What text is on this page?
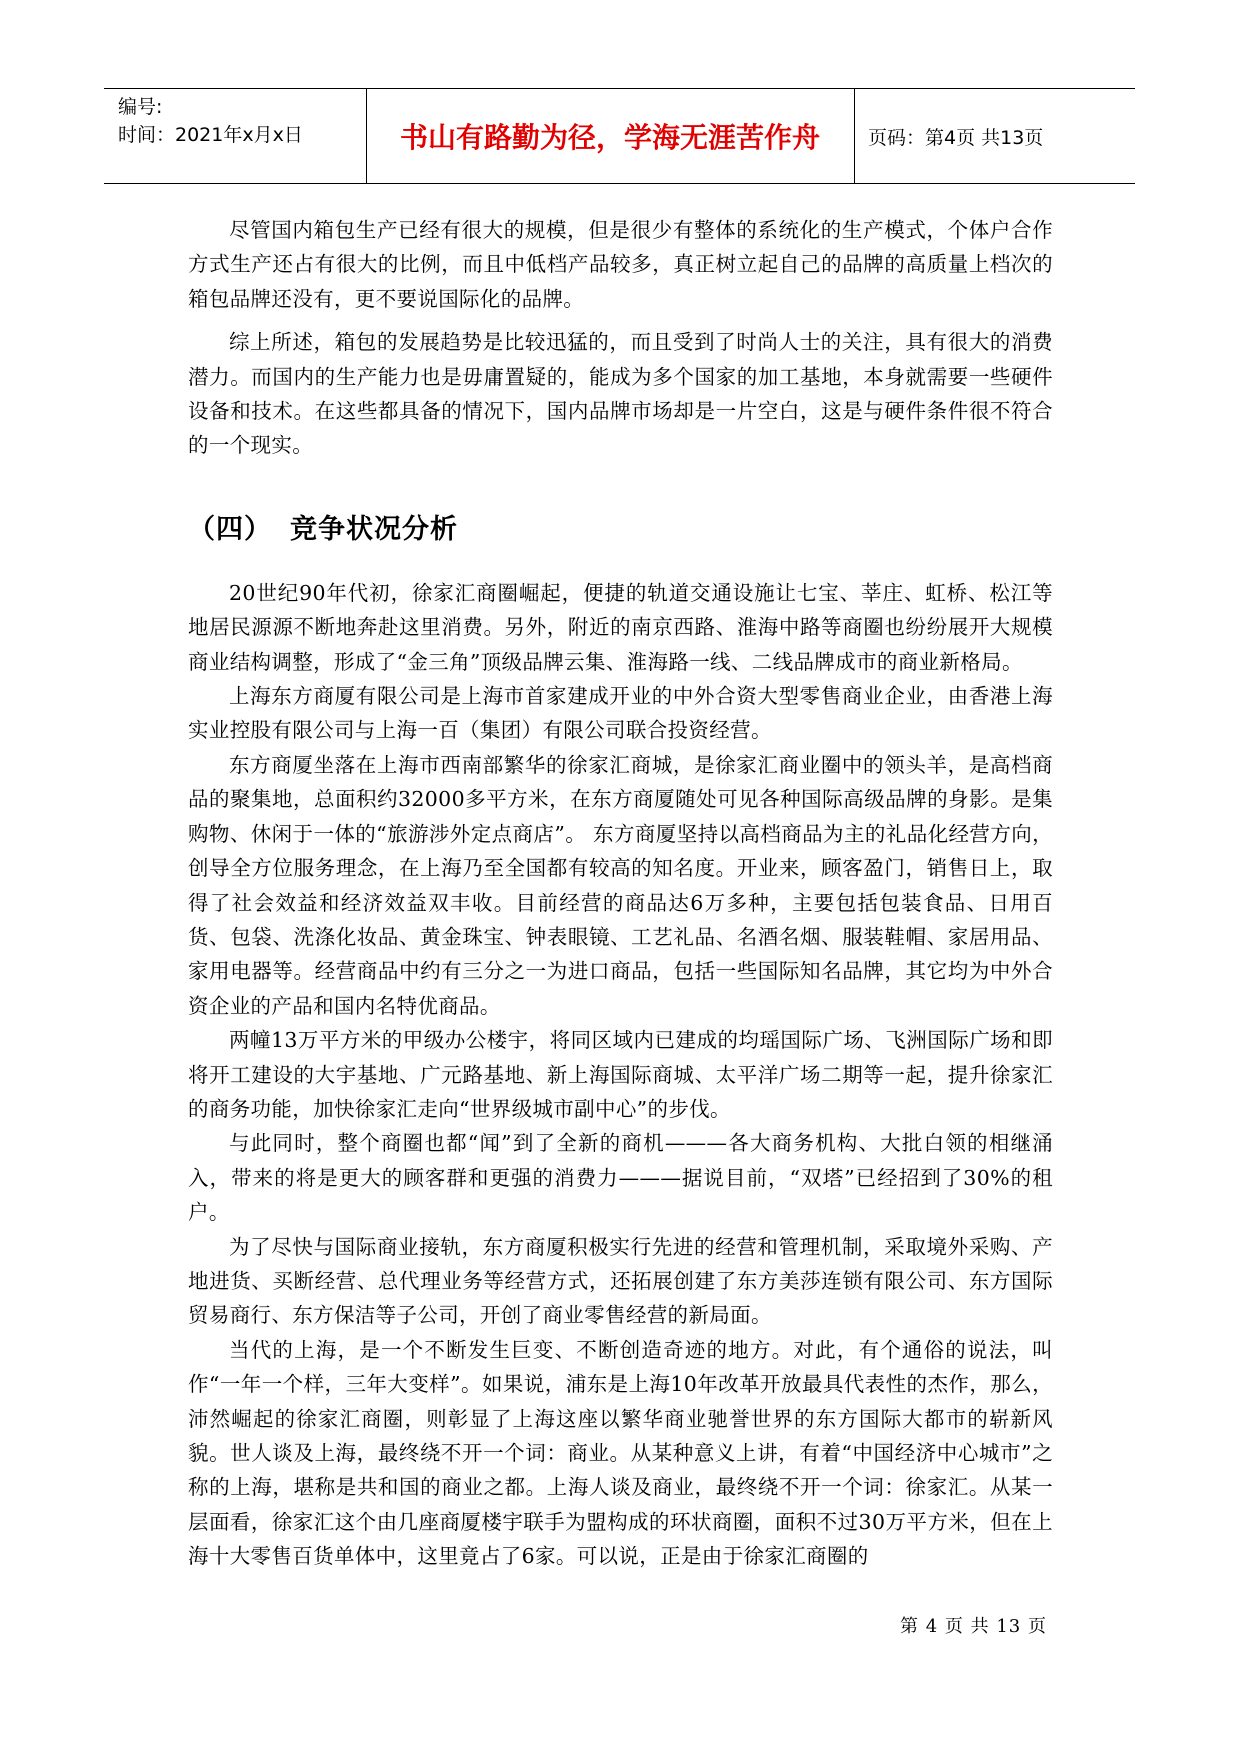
编号:
时间：2021年x月x日	书山有路勤为径，学海无涯苦作舟	页码：第4页 共13页

尽管国内箱包生产已经有很大的规模，但是很少有整体的系统化的生产模式，个体户合作方式生产还占有很大的比例，而且中低档产品较多，真正树立起自己的品牌的高质量上档次的箱包品牌还没有，更不要说国际化的品牌。

综上所述，箱包的发展趋势是比较迅猛的，而且受到了时尚人士的关注，具有很大的消费潜力。而国内的生产能力也是毋庸置疑的，能成为多个国家的加工基地，本身就需要一些硬件设备和技术。在这些都具备的情况下，国内品牌市场却是一片空白，这是与硬件条件很不符合的一个现实。

（四） 竞争状况分析

20世纪90年代初，徐家汇商圈崛起，便捷的轨道交通设施让七宝、莘庄、虹桥、松江等地居民源源不断地奔赴这里消费。另外，附近的南京西路、淮海中路等商圈也纷纷展开大规模商业结构调整，形成了“金三角”顶级品牌云集、淮海路一线、二线品牌成市的商业新格局。

上海东方商厦有限公司是上海市首家建成开业的中外合资大型零售商业企业，由香港上海实业控股有限公司与上海一百（集团）有限公司联合投资经营。

东方商厦坐落在上海市西南部繁华的徐家汇商城，是徐家汇商业圈中的领头羊，是高档商品的聚集地，总面积约32000多平方米，在东方商厦随处可见各种国际高级品牌的身影。是集购物、休闲于一体的“旅游涉外定点商店”。 东方商厦坚持以高档商品为主的礼品化经营方向，创导全方位服务理念，在上海乃至全国都有较高的知名度。开业来，顾客盈门，销售日上，取得了社会效益和经济效益双丰收。目前经营的商品达6万多种，主要包括包装食品、日用百货、包袋、洗涤化妆品、黄金珠宝、钟表眼镜、工艺礼品、名酒名烟、服装鞋帽、家居用品、家用电器等。经营商品中约有三分之一为进口商品，包括一些国际知名品牌，其它均为中外合资企业的产品和国内名特优商品。

两幢13万平方米的甲级办公楼宇，将同区域内已建成的均瑶国际广场、飞洲国际广场和即将开工建设的大宇基地、广元路基地、新上海国际商城、太平洋广场二期等一起，提升徐家汇的商务功能，加快徐家汇走向“世界级城市副中心”的步伐。

与此同时，整个商圈也都“闻”到了全新的商机———各大商务机构、大批白领的相继涌入，带来的将是更大的顾客群和更强的消费力———据说目前，“双塔”已经招到了30%的租户。

为了尽快与国际商业接轨，东方商厦积极实行先进的经营和管理机制，采取境外采购、产地进货、买断经营、总代理业务等经营方式，还拓展创建了东方美莎连锁有限公司、东方国际贸易商行、东方保洁等子公司，开创了商业零售经营的新局面。

当代的上海，是一个不断发生巨变、不断创造奇迹的地方。对此，有个通俗的说法，叫作“一年一个样，三年大变样”。如果说，浦东是上海10年改革开放最具代表性的杰作，那么，沛然崛起的徐家汇商圈，则彰显了上海这座以繁华商业驰誉世界的东方国际大都市的崭新风貌。世人谈及上海，最终绕不开一个词：商业。从某种意义上讲，有着“中国经济中心城市”之称的上海，堪称是共和国的商业之都。上海人谈及商业，最终绕不开一个词：徐家汇。从某一层面看，徐家汇这个由几座商厦楼宇联手为盟构成的环状商圈，面积不过30万平方米，但在上海十大零售百货单体中，这里竟占了6家。可以说，正是由于徐家汇商圈的

第 4 页 共 13 页
